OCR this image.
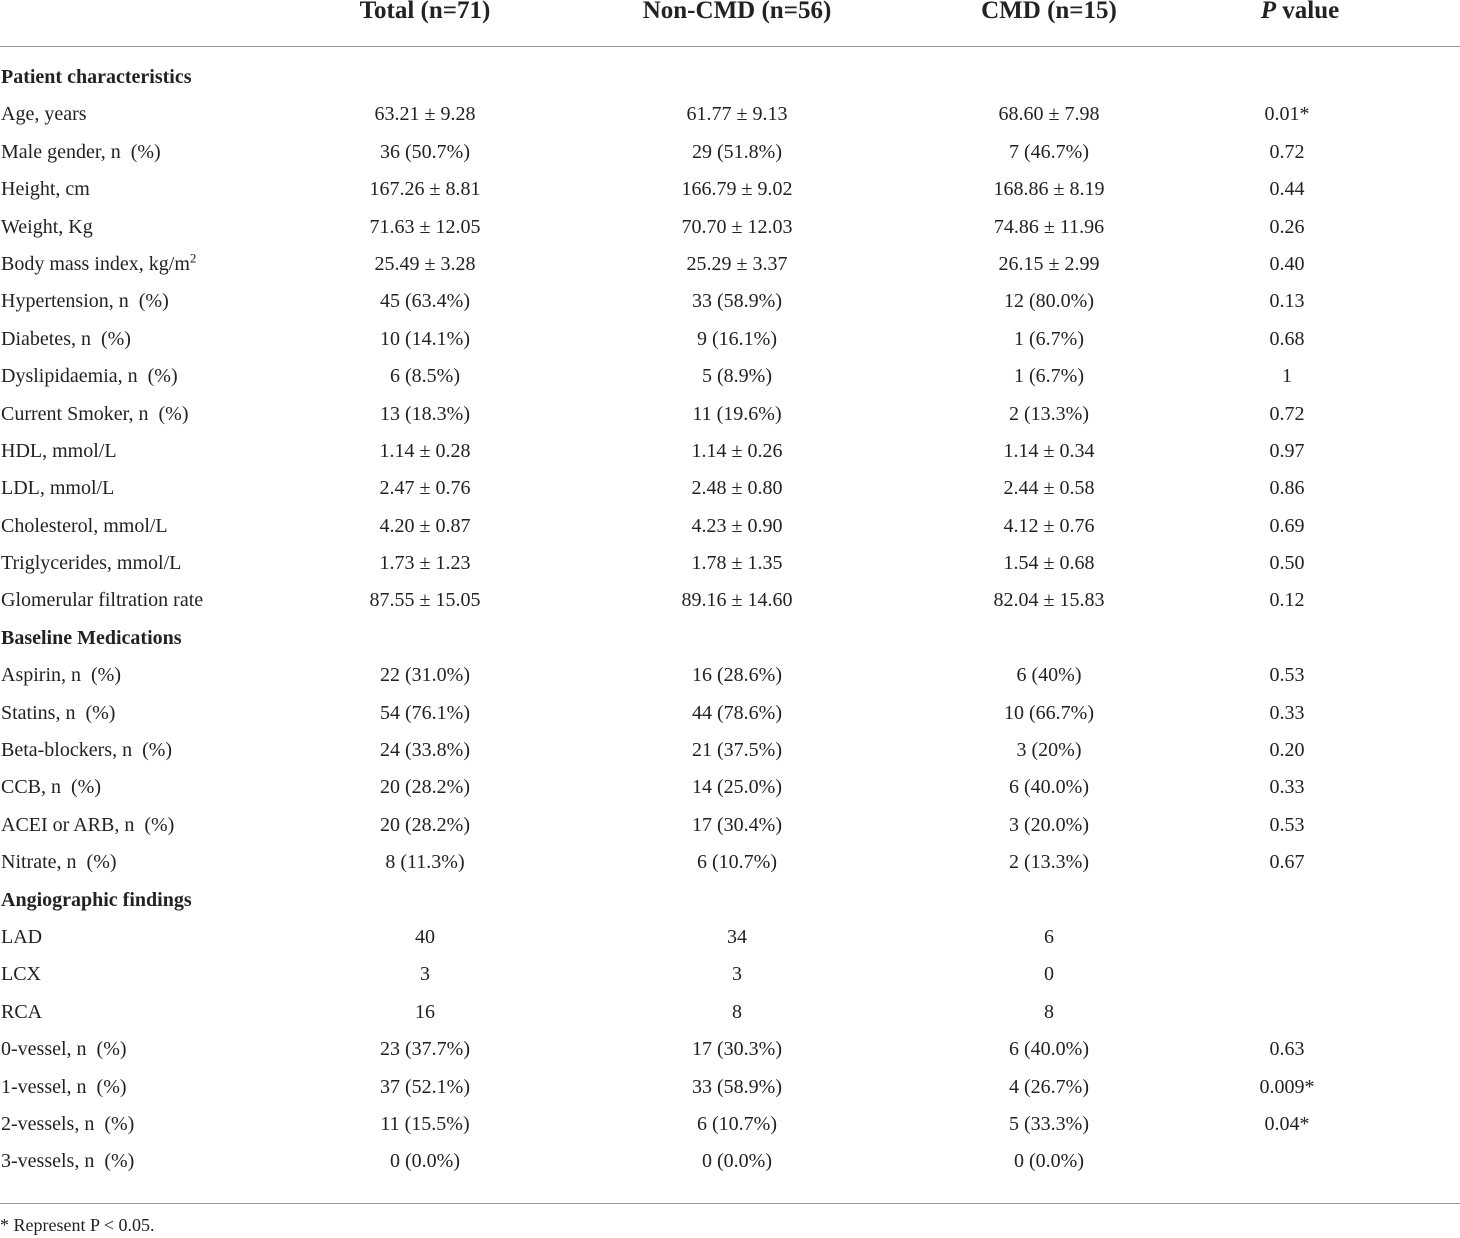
Total (n=71)	Non-CMD (n=56)	CMD (n=15)	P value
Patient characteristics
Age, years	63.21 ± 9.28	61.77 ± 9.13	68.60 ± 7.98	0.01*
Male gender, n (%)	36 (50.7%)	29 (51.8%)	7 (46.7%)	0.72
Height, cm	167.26 ± 8.81	166.79 ± 9.02	168.86 ± 8.19	0.44
Weight, Kg	71.63 ± 12.05	70.70 ± 12.03	74.86 ± 11.96	0.26
Body mass index, $kg/m^2$	25.49 ± 3.28	25.29 ± 3.37	26.15 ± 2.99	0.40
Hypertension, n (%)	45 (63.4%)	33 (58.9%)	12 (80.0%)	0.13
Diabetes, n (%)	10 (14.1%)	9 (16.1%)	1 (6.7%)	0.68
Dyslipidaemia, n (%)	6 (8.5%)	5 (8.9%)	1 (6.7%)	1
Current Smoker, n (%)	13 (18.3%)	11 (19.6%)	2 (13.3%)	0.72
HDL, mmol/L	1.14 ± 0.28	1.14 ± 0.26	1.14 ± 0.34	0.97
LDL, mmol/L	2.47 ± 0.76	2.48 ± 0.80	2.44 ± 0.58	0.86
Cholesterol, mmol/L	4.20 ± 0.87	4.23 ± 0.90	4.12 ± 0.76	0.69
Triglycerides, mmol/L	1.73 ± 1.23	1.78 ± 1.35	1.54 ± 0.68	0.50
Glomerular filtration rate	87.55 ± 15.05	89.16 ± 14.60	82.04 ± 15.83	0.12
Baseline Medications
Aspirin, n (%)	22 (31.0%)	16 (28.6%)	6 (40%)	0.53
Statins, n (%)	54 (76.1%)	44 (78.6%)	10 (66.7%)	0.33
Beta-blockers, n (%)	24 (33.8%)	21 (37.5%)	3 (20%)	0.20
CCB, n (%)	20 (28.2%)	14 (25.0%)	6 (40.0%)	0.33
ACEI or ARB, n (%)	20 (28.2%)	17 (30.4%)	3 (20.0%)	0.53
Nitrate, n (%)	8 (11.3%)	6 (10.7%)	2 (13.3%)	0.67
Angiographic findings
LAD	40	34	6
LCX	3	3	0
RCA	16	8	8
0-vessel, n (%)	23 (37.7%)	17 (30.3%)	6 (40.0%)	0.63
1-vessel, n (%)	37 (52.1%)	33 (58.9%)	4 (26.7%)	0.009*
2-vessels, n (%)	11 (15.5%)	6 (10.7%)	5 (33.3%)	0.04*
3-vessels, n (%)	0 (0.0%)	0 (0.0%)	0 (0.0%)
* Represent P < 0.05.
